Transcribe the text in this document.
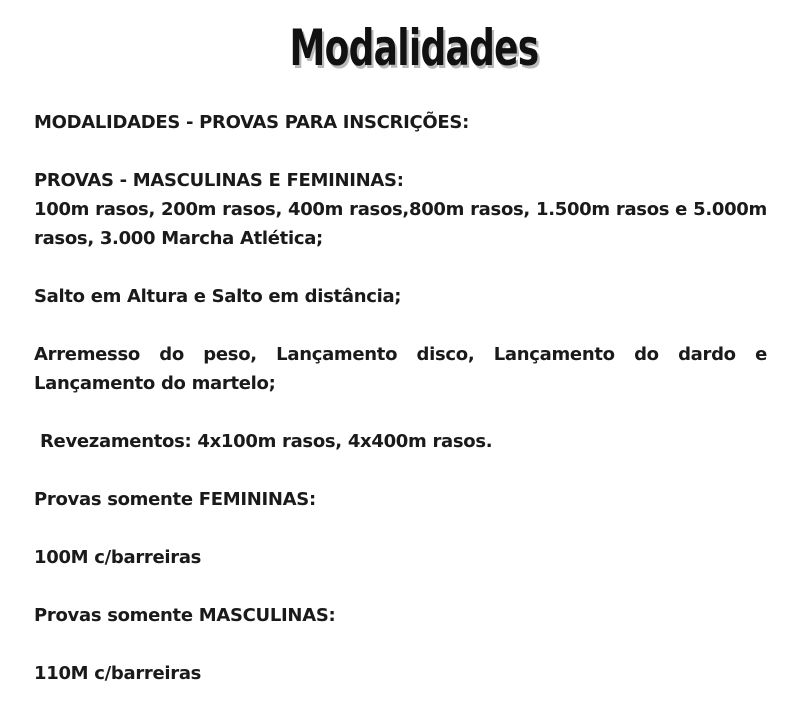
Modalidades

MODALIDADES - PROVAS PARA INSCRIÇÕES:

PROVAS - MASCULINAS E FEMININAS:

100m rasos, 200m rasos, 400m rasos,800m rasos, 1.500m rasos e 5.000m rasos, 3.000 Marcha Atlética;

Salto em Altura e Salto em distância;

Arremesso do peso, Lançamento disco, Lançamento do dardo e Lançamento do martelo;

Revezamentos: 4x100m rasos, 4x400m rasos.

Provas somente FEMININAS:

100M c/barreiras

Provas somente MASCULINAS:

110M c/barreiras
